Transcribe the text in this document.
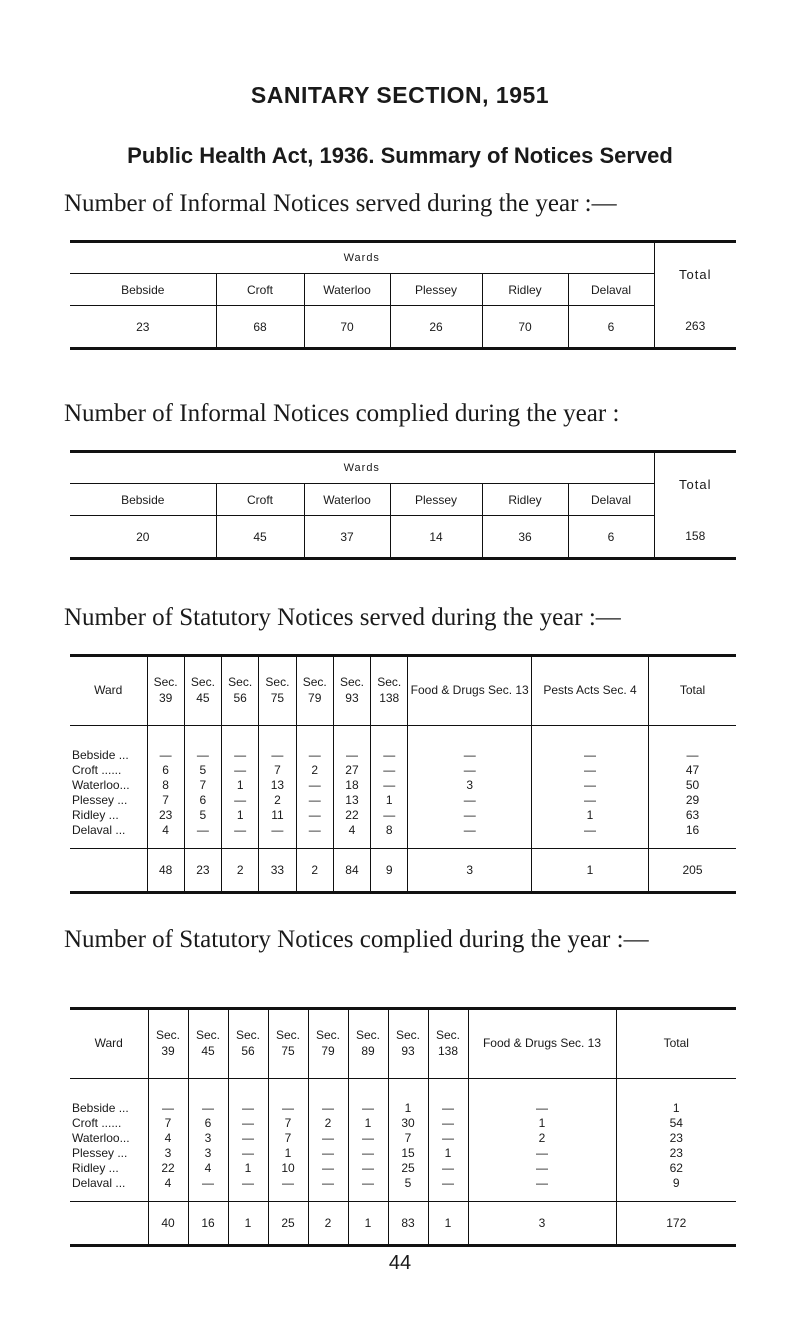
SANITARY SECTION, 1951
Public Health Act, 1936. Summary of Notices Served
Number of Informal Notices served during the year :—
Wards						Total
Bebside	Croft	Waterloo	Plessey	Ridley	Delaval	
23	68	70	26	70	6	263
Number of Informal Notices complied during the year :
Wards						Total
Bebside	Croft	Waterloo	Plessey	Ridley	Delaval	
20	45	37	14	36	6	158
Number of Statutory Notices served during the year :—
Ward	Sec. 39	Sec. 45	Sec. 56	Sec. 75	Sec. 79	Sec. 93	Sec. 138	Food & Drugs Sec. 13	Pests Acts Sec. 4	Total
Bebside ...	—	—	—	—	—	—	—	—	—	—
Croft ......	6	5	—	7	2	27	—	—	—	47
Waterloo...	8	7	1	13	—	18	—	3	—	50
Plessey ...	7	6	—	2	—	13	1	—	—	29
Ridley ...	23	5	1	11	—	22	—	—	1	63
Delaval ...	4	—	—	—	—	4	8	—	—	16
	48	23	2	33	2	84	9	3	1	205
Number of Statutory Notices complied during the year :—
Ward	Sec. 39	Sec. 45	Sec. 56	Sec. 75	Sec. 79	Sec. 89	Sec. 93	Sec. 138	Food & Drugs Sec. 13	Total
Bebside ...	—	—	—	—	—	—	1	—	—	1
Croft ......	7	6	—	7	2	1	30	—	1	54
Waterloo...	4	3	—	7	—	—	7	—	2	23
Plessey ...	3	3	—	1	—	—	15	1	—	23
Ridley ...	22	4	1	10	—	—	25	—	—	62
Delaval ...	4	—	—	—	—	—	5	—	—	9
	40	16	1	25	2	1	83	1	3	172
44
